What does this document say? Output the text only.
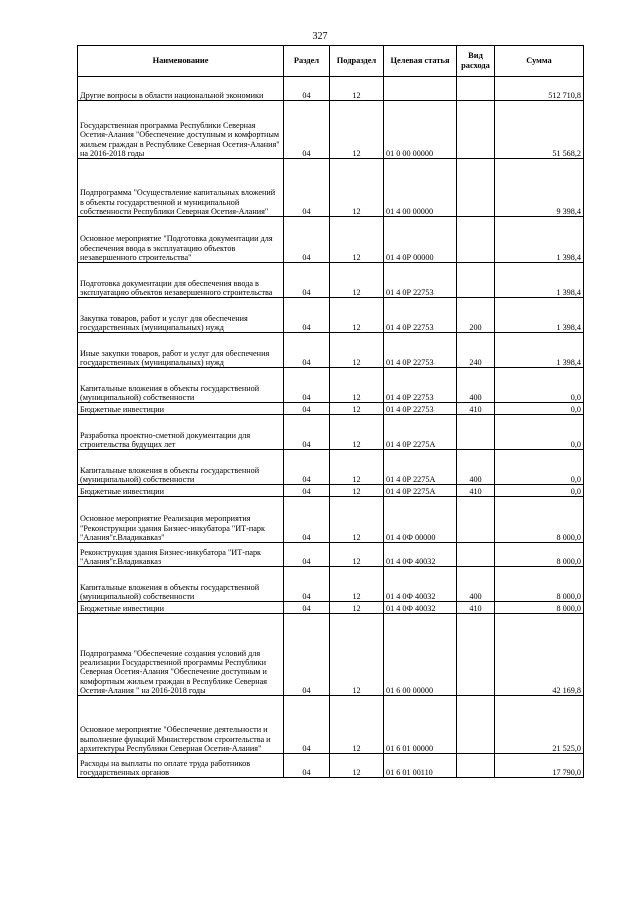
327
Наименование	Раздел	Подраздел	Целевая статья	Вид расхода	Сумма
Другие вопросы в области национальной экономики	04	12			512 710,8
Государственная программа Республики Северная Осетия-Алания "Обеспечение доступным и комфортным жильем граждан в Республике Северная Осетия-Алания" на 2016-2018 годы	04	12	01 0 00 00000		51 568,2
Подпрограмма "Осуществление капитальных вложений в объекты государственной и муниципальной собственности Республики Северная Осетия-Алания"	04	12	01 4 00 00000		9 398,4
Основное мероприятие "Подготовка документации для обеспечения ввода в эксплуатацию объектов незавершенного строительства"	04	12	01 4 0Р 00000		1 398,4
Подготовка документации для обеспечения ввода в эксплуатацию объектов незавершенного строительства	04	12	01 4 0Р 22753		1 398,4
Закупка товаров, работ и услуг для обеспечения государственных (муниципальных) нужд	04	12	01 4 0Р 22753	200	1 398,4
Иные закупки товаров, работ и услуг для обеспечения государственных (муниципальных) нужд	04	12	01 4 0Р 22753	240	1 398,4
Капитальные вложения в объекты государственной (муниципальной) собственности	04	12	01 4 0Р 22753	400	0,0
Бюджетные инвестиции	04	12	01 4 0Р 22753	410	0,0
Разработка проектно-сметной документации для строительства будущих лет	04	12	01 4 0Р 2275А		0,0
Капитальные вложения в объекты государственной (муниципальной) собственности	04	12	01 4 0Р 2275А	400	0,0
Бюджетные инвестиции	04	12	01 4 0Р 2275А	410	0,0
Основное мероприятие Реализация мероприятия "Реконструкции здания Бизнес-инкубатора "ИТ-парк "Алания"г.Владикавказ"	04	12	01 4 0Ф 00000		8 000,0
Реконструкция здания Бизнес-инкубатора "ИТ-парк "Алания"г.Владикавказ	04	12	01 4 0Ф 40032		8 000,0
Капитальные вложения в объекты государственной (муниципальной) собственности	04	12	01 4 0Ф 40032	400	8 000,0
Бюджетные инвестиции	04	12	01 4 0Ф 40032	410	8 000,0
Подпрограмма "Обеспечение создания условий для реализации Государственной программы Республики Северная Осетия-Алания "Обеспечение доступным и комфортным жильем граждан в Республике Северная Осетия-Алания " на 2016-2018 годы	04	12	01 6 00 00000		42 169,8
Основное мероприятие "Обеспечение деятельности и выполнение функций Министерством строительства и архитектуры Республики Северная Осетия-Алания"	04	12	01 6 01 00000		21 525,0
Расходы на выплаты по оплате труда работников государственных органов	04	12	01 6 01 00110		17 790,0
